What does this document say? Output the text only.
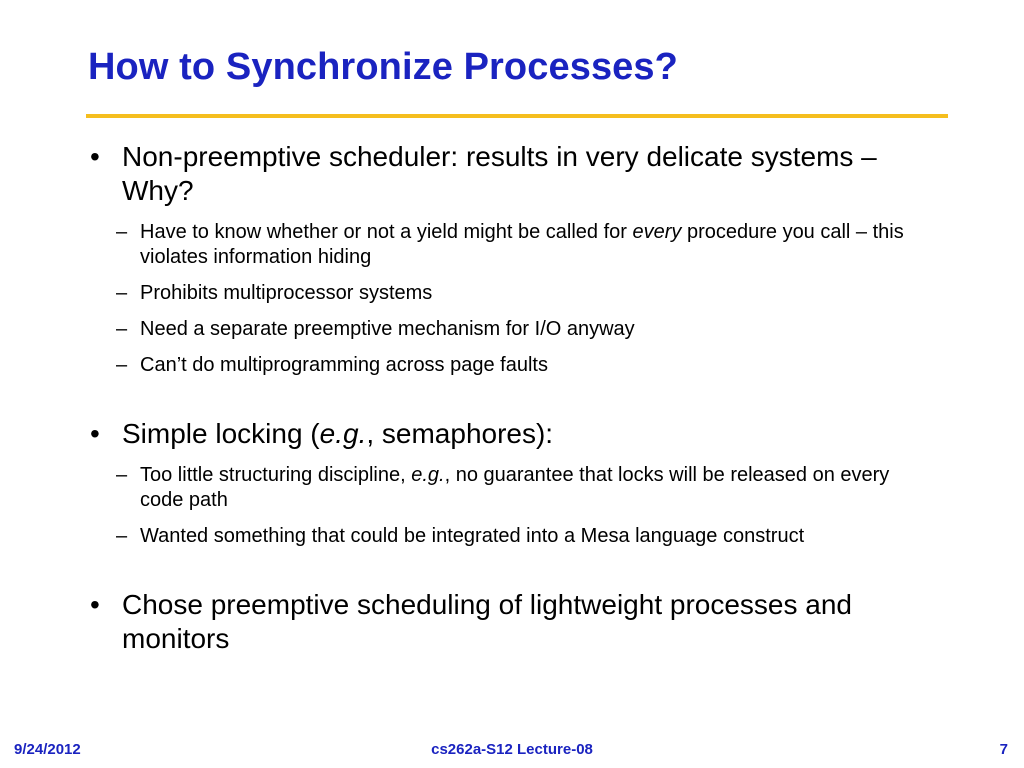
How to Synchronize Processes?
• Non-preemptive scheduler: results in very delicate systems – Why?
– Have to know whether or not a yield might be called for every procedure you call – this violates information hiding
– Prohibits multiprocessor systems
– Need a separate preemptive mechanism for I/O anyway
– Can’t do multiprogramming across page faults
• Simple locking (e.g., semaphores):
– Too little structuring discipline, e.g., no guarantee that locks will be released on every code path
– Wanted something that could be integrated into a Mesa language construct
• Chose preemptive scheduling of lightweight processes and monitors
9/24/2012	cs262a-S12 Lecture-08	7
